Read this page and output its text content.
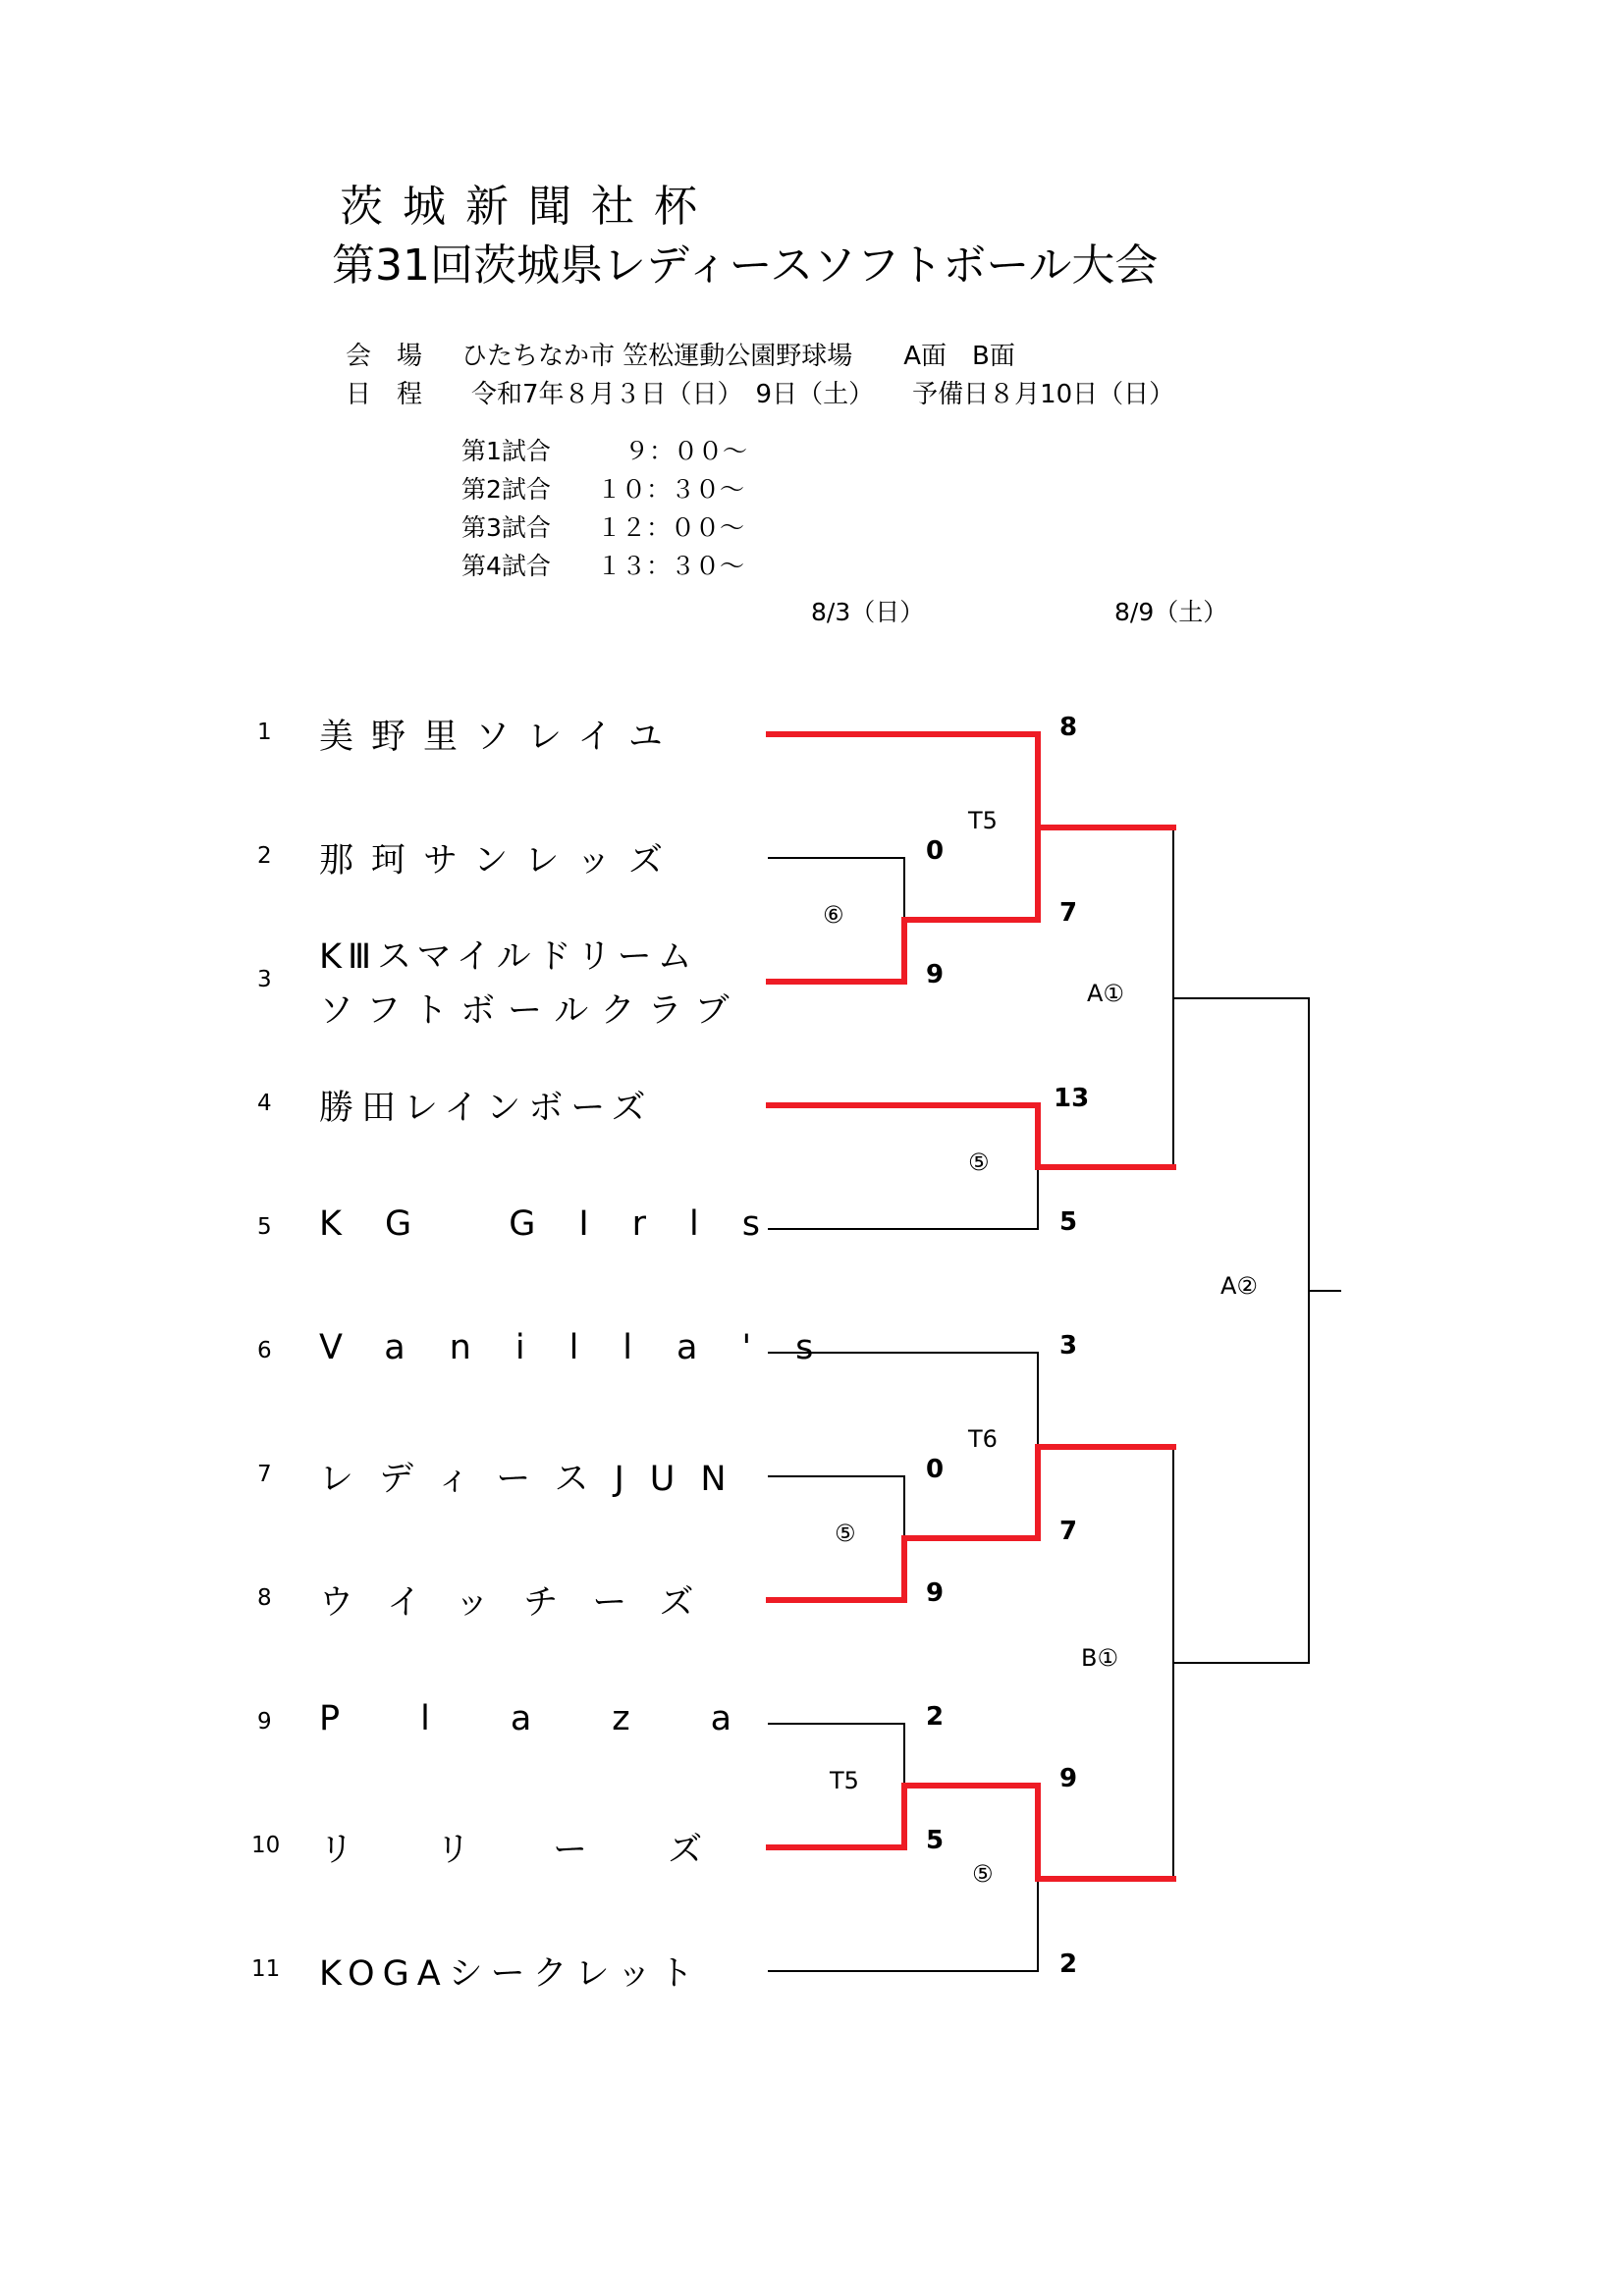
茨城新聞社杯
第31回茨城県レディースソフトボール大会
会　場 ひたちなか市 笠松運動公園野球場　　A面　B面
日　程 令和7年８月３日（日）　9日（土）　　予備日８月10日（日）
第1試合	９：００～
第2試合 １０：３０～
第3試合 １２：００～
第4試合 １３：３０～
8/3（日）	8/9（土）
1
2
3
4
5
6
7
8
9
10
11
美野里ソレイユ
那珂サンレッズ
KⅢスマイルドリーム
ソフトボールクラブ
勝田レインボーズ
KG GIrls
Vanilla's
レディースJUN
ウイッチーズ
Plaza
リリーズ
KOGAシークレット
8
0
7
9
13
5
3
0
7
9
2
9
5
2
⑥
T5
⑤
A①
A②
T6
⑤
B①
T5
⑤
